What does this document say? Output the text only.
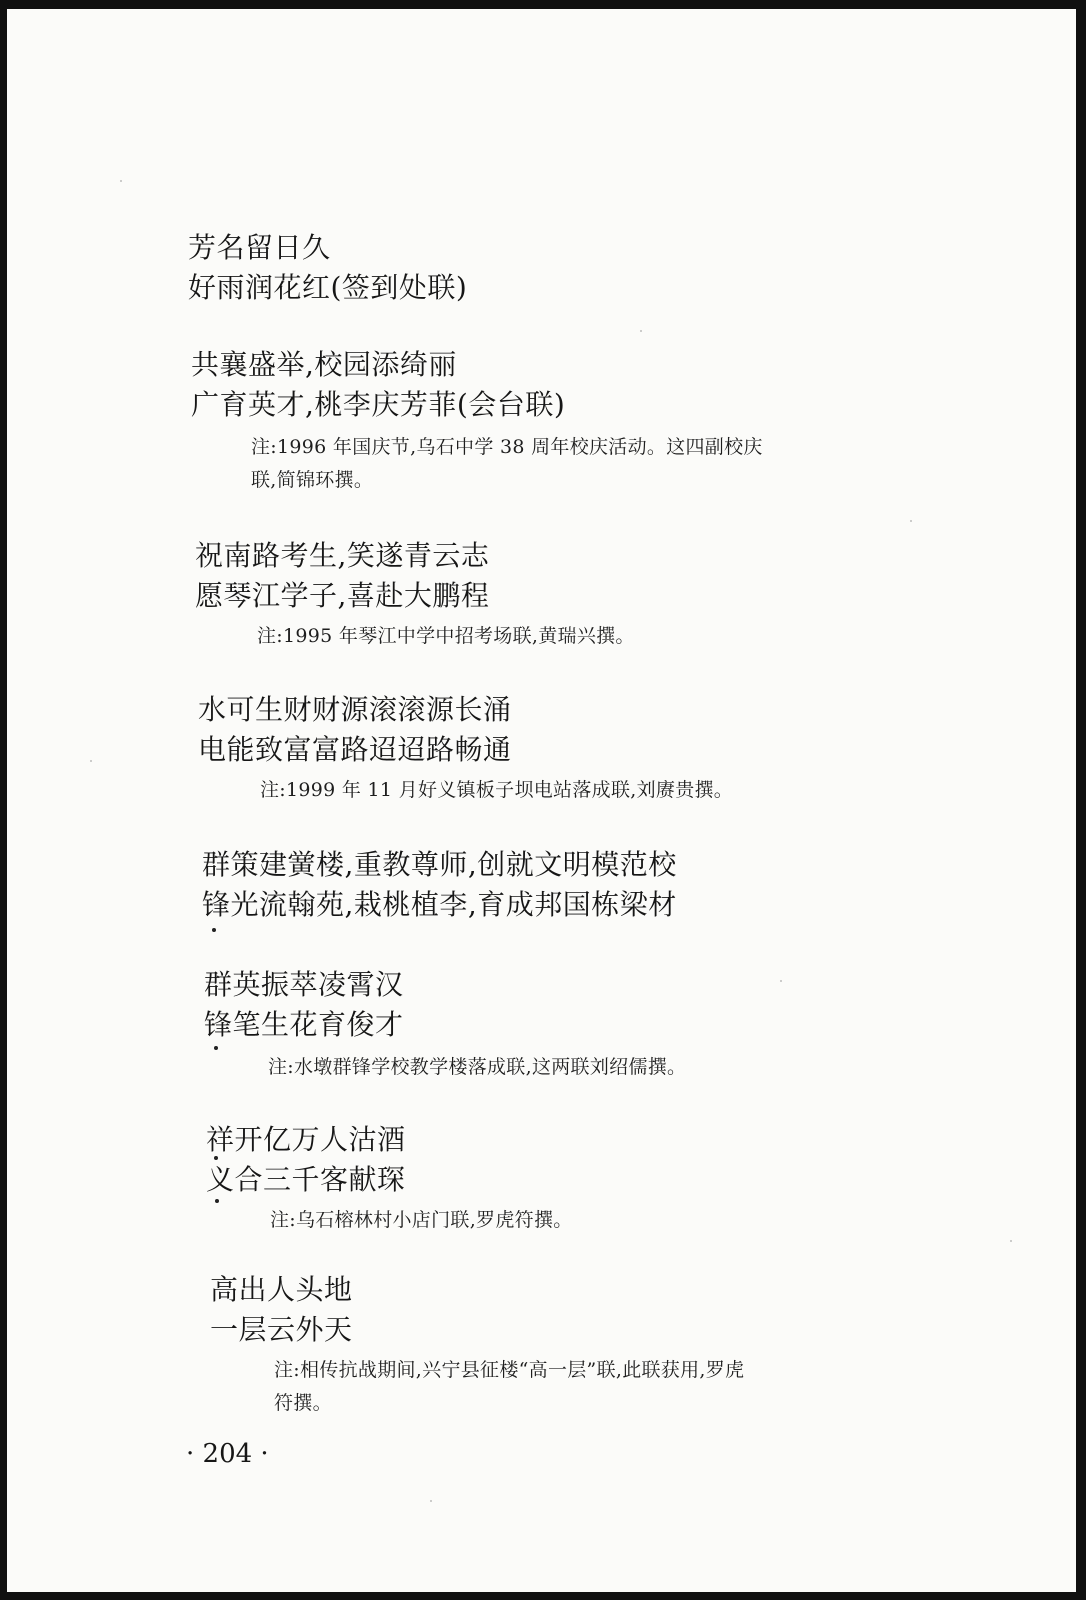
芳名留日久
好雨润花红(签到处联)
共襄盛举,校园添绮丽
广育英才,桃李庆芳菲(会台联)
注:1996 年国庆节,乌石中学 38 周年校庆活动。这四副校庆
联,简锦环撰。
祝南路考生,笑遂青云志
愿琴江学子,喜赴大鹏程
注:1995 年琴江中学中招考场联,黄瑞兴撰。
水可生财财源滚滚源长涌
电能致富富路迢迢路畅通
注:1999 年 11 月好义镇板子坝电站落成联,刘赓贵撰。
群策建黉楼,重教尊师,创就文明模范校
锋光流翰苑,栽桃植李,育成邦国栋梁材
群英振萃凌霄汉
锋笔生花育俊才
注:水墩群锋学校教学楼落成联,这两联刘绍儒撰。
祥开亿万人沽酒
义合三千客献琛
注:乌石榕林村小店门联,罗虎符撰。
高出人头地
一层云外天
注:相传抗战期间,兴宁县征楼“高一层”联,此联获用,罗虎
符撰。
· 204 ·
